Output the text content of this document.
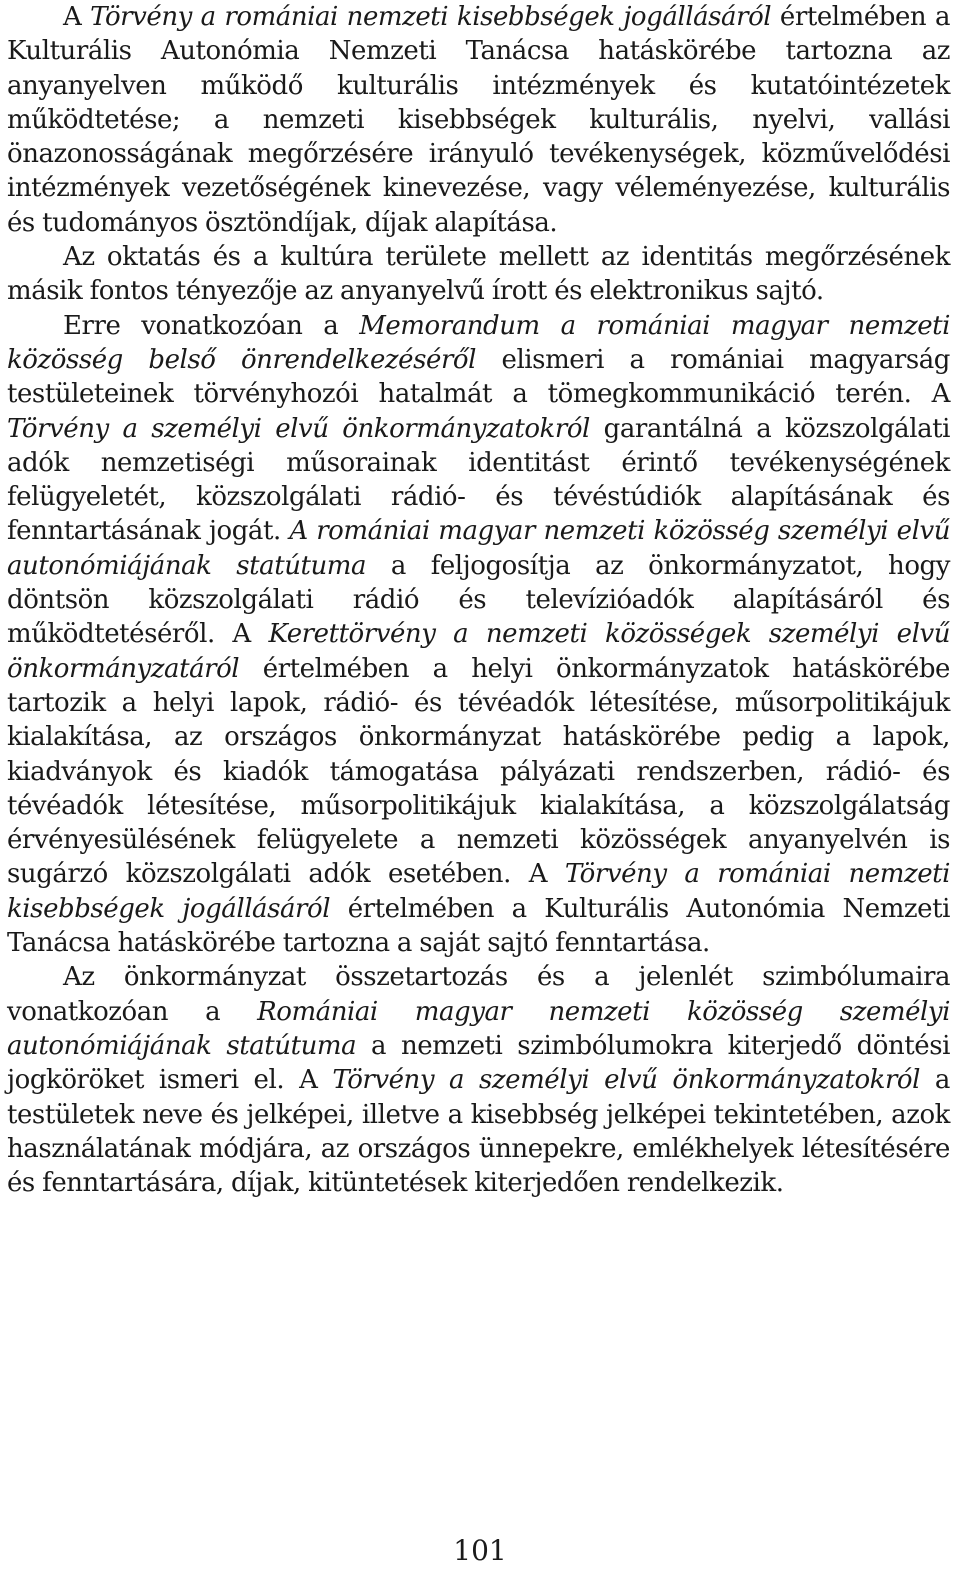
A Törvény a romániai nemzeti kisebbségek jogállásáról értelmében a Kulturális Autonómia Nemzeti Tanácsa hatáskörébe tartozna az anyanyelven működő kulturális intézmények és kutatóintézetek működtetése; a nemzeti kisebbségek kulturális, nyelvi, vallási önazonosságának megőrzésére irányuló tevékenységek, közművelődési intézmények vezetőségének kinevezése, vagy véleményezése, kulturális és tudományos ösztöndíjak, díjak alapítása.

Az oktatás és a kultúra területe mellett az identitás megőrzésének másik fontos tényezője az anyanyelvű írott és elektronikus sajtó.

Erre vonatkozóan a Memorandum a romániai magyar nemzeti közösség belső önrendelkezéséről elismeri a romániai magyarság testületeinek törvényhozói hatalmát a tömegkommunikáció terén. A Törvény a személyi elvű önkormányzatokról garantálná a közszolgálati adók nemzetiségi műsorainak identitást érintő tevékenységének felügyeletét, közszolgálati rádió- és tévéstúdiók alapításának és fenntartásának jogát. A romániai magyar nemzeti közösség személyi elvű autonómiájának statútuma a feljogosítja az önkormányzatot, hogy döntsön közszolgálati rádió és televízióadók alapításáról és működtetéséről. A Kerettörvény a nemzeti közösségek személyi elvű önkormányzatáról értelmében a helyi önkormányzatok hatáskörébe tartozik a helyi lapok, rádió- és tévéadók létesítése, műsorpolitikájuk kialakítása, az országos önkormányzat hatáskörébe pedig a lapok, kiadványok és kiadók támogatása pályázati rendszerben, rádió- és tévéadók létesítése, műsorpolitikájuk kialakítása, a közszolgálatság érvényesülésének felügyelete a nemzeti közösségek anyanyelvén is sugárzó közszolgálati adók esetében. A Törvény a romániai nemzeti kisebbségek jogállásáról értelmében a Kulturális Autonómia Nemzeti Tanácsa hatáskörébe tartozna a saját sajtó fenntartása.

Az önkormányzat összetartozás és a jelenlét szimbólumaira vonatkozóan a Romániai magyar nemzeti közösség személyi autonómiájának statútuma a nemzeti szimbólumokra kiterjedő döntési jogköröket ismeri el. A Törvény a személyi elvű önkormányzatokról a testületek neve és jelképei, illetve a kisebbség jelképei tekintetében, azok használatának módjára, az országos ünnepekre, emlékhelyek létesítésére és fenntartására, díjak, kitüntetések kiterjedően rendelkezik.

101
